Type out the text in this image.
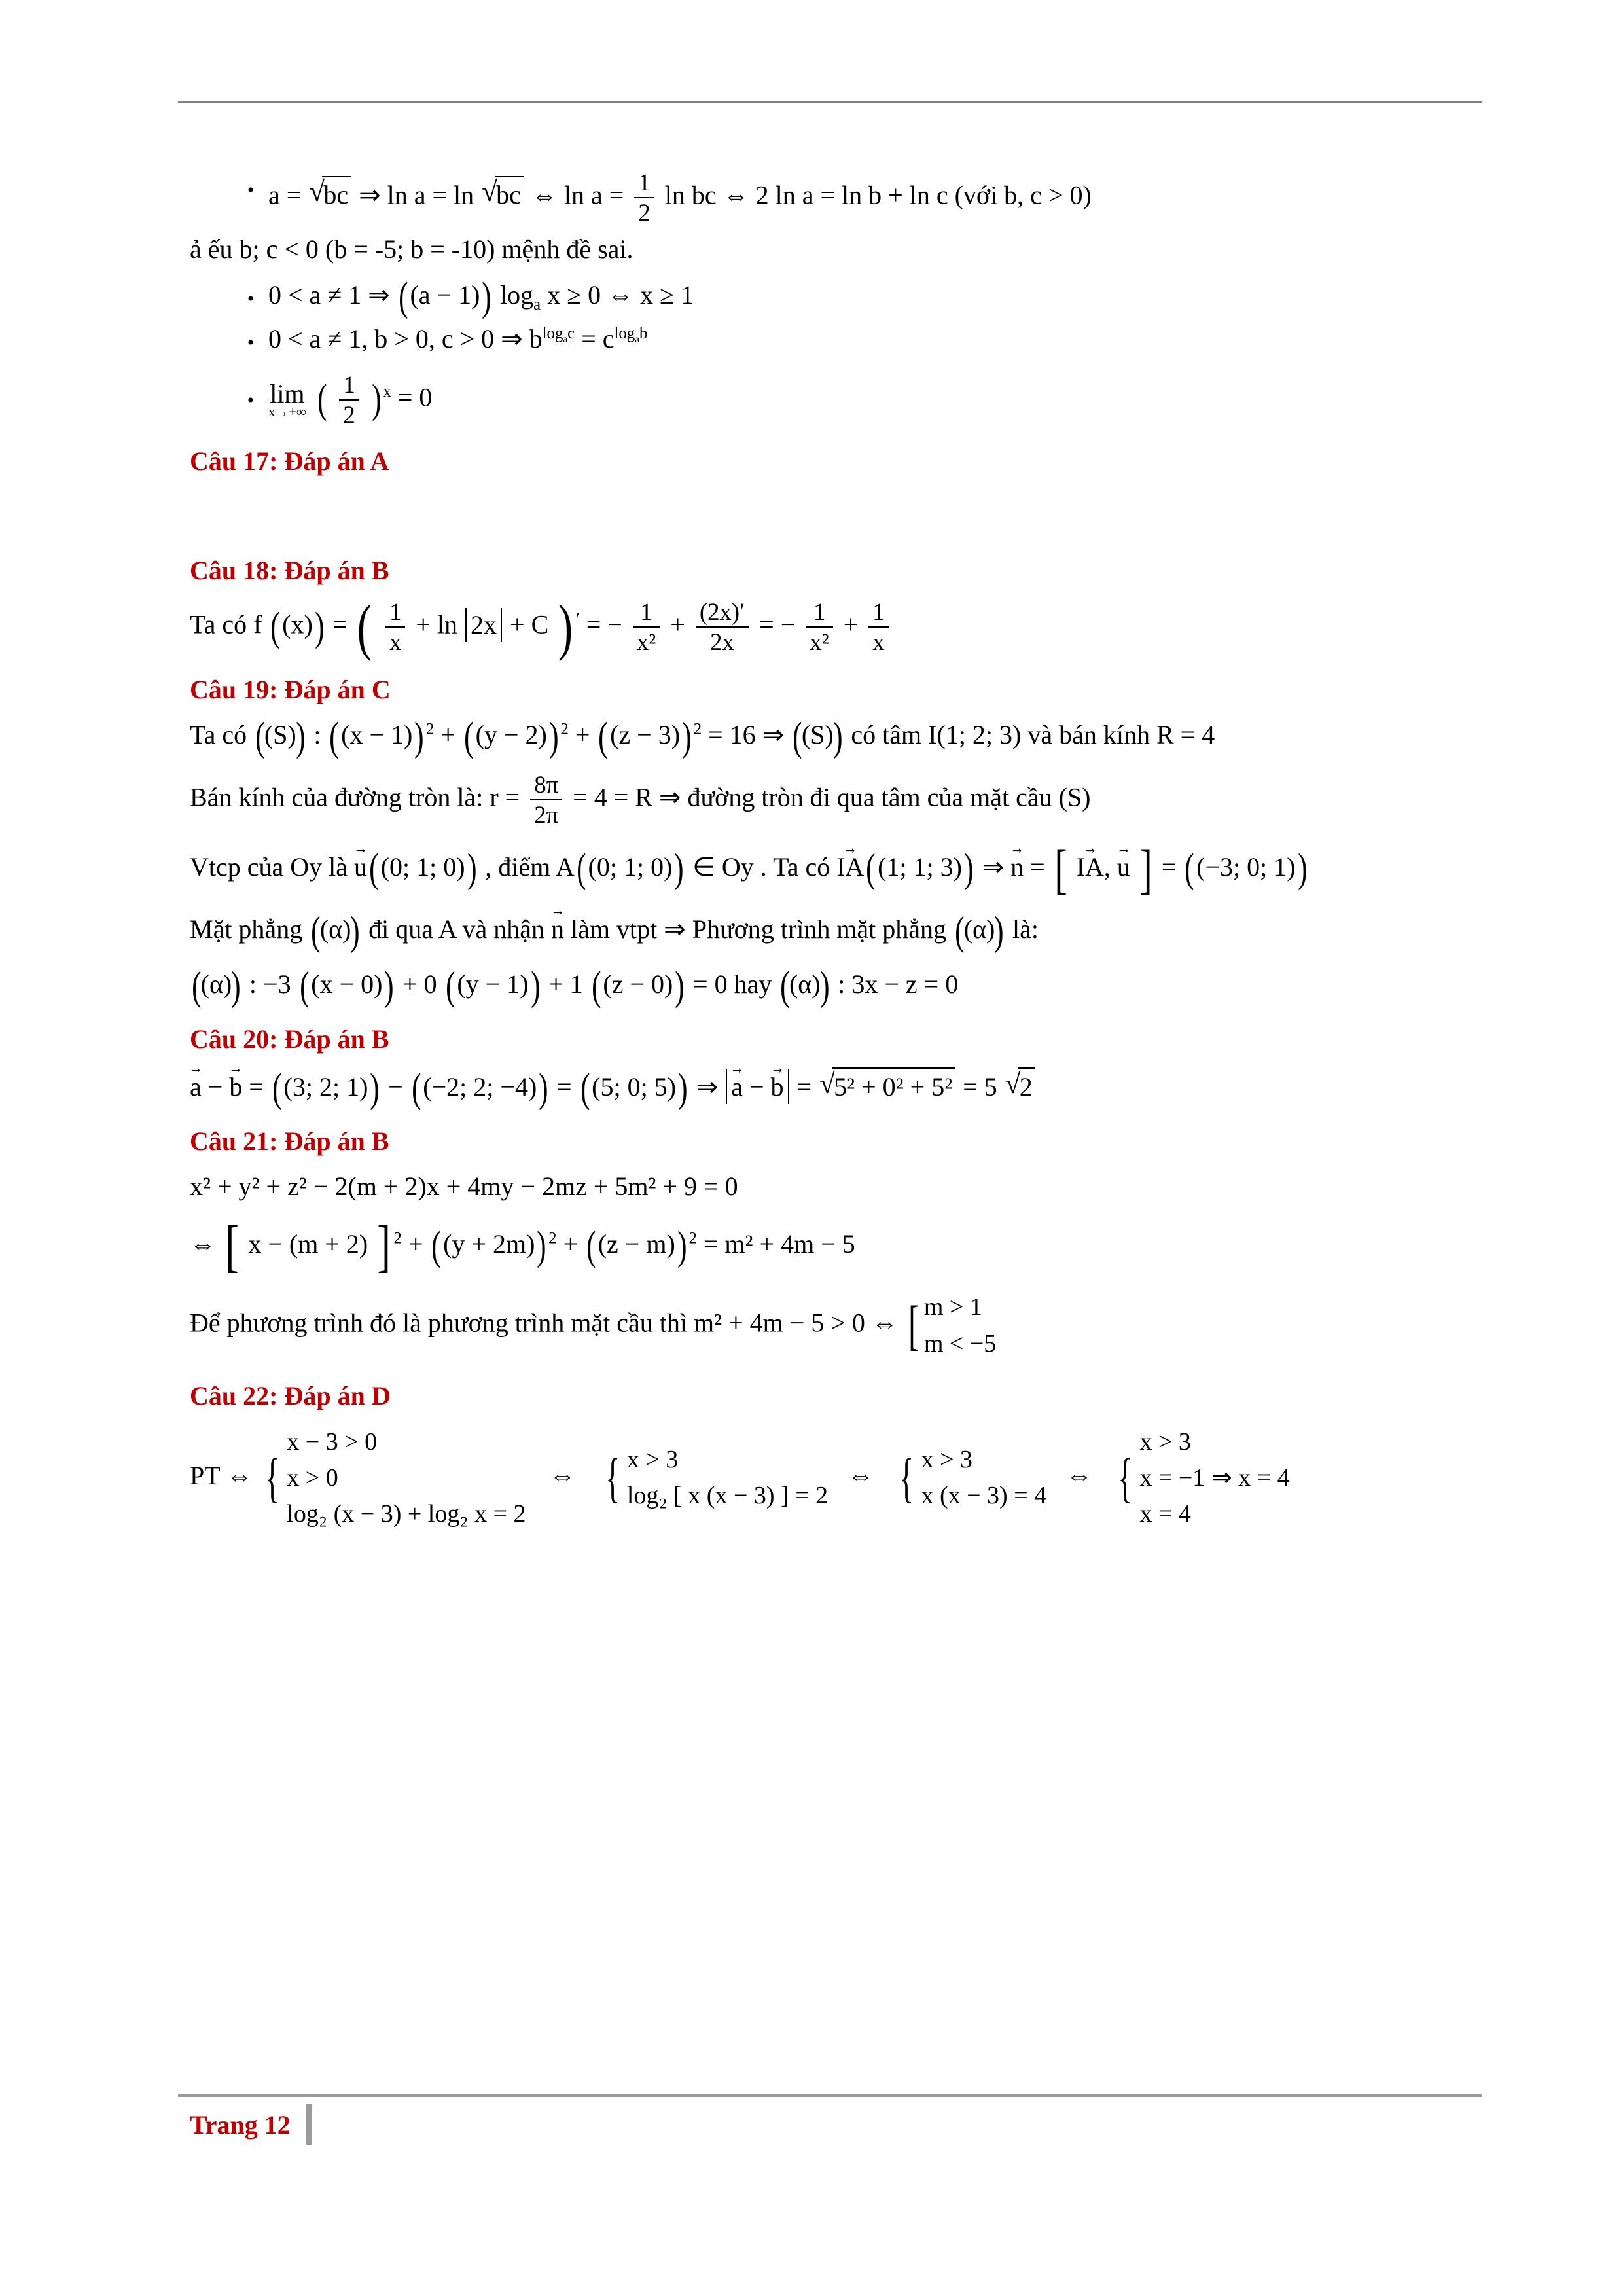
• a = √ bc ⇒ ln a = ln √ bc ⇔ $\ln a = \frac{1}{2}$ ln bc ⇔ 2 ln a = ln b + ln c (với b, c > 0)
ả ếu b; c < 0 (b = -5; b = -10) mệnh đề sai.
• 0 < a ≠ 1 ⇒ ((a − 1)) $\log_a x \ge 0$ ⇔ x ≥ 1
• 0 < a ≠ 1, b > 0, c > 0 ⇒ $b^{log_ac} = c^{log_ab}$
• lim
x→+∞ ( $\frac{1}{2}$ ) $^x$ = 0
Câu 17: Đáp án A
Câu 18: Đáp án B
Ta có f ((x)) = ( $\frac{1}{x} + \ln 2x + C$ ) ′ = − $\frac{1}{\text{x²}} + \frac{(2x)'}{2x}$ = − $\frac{1}{\text{x²}} + \frac{1}{x}$
Câu 19: Đáp án C
Ta có ((S)) : ((x − 1)) $^2$ + ((y − 2)) $^2$ + ((z − 3)) $^2$ = 16 ⇒ ((S)) có tâm I(1; 2; 3) và bán kính R = 4
Bán kính của đường tròn là: $r = \frac{8\pi}{2\pi} = 4 = R$ ⇒ đường tròn đi qua tâm của mặt cầu (S)
Vtcp của Oy là u →((0; 1; 0)) , điểm A((0; 1; 0)) ∈ Oy . Ta có IA →((1; 1; 3)) ⇒ n → = [ IA →, u → ] = ((−3; 0; 1))
Mặt phẳng ((α)) đi qua A và nhận n → làm vtpt ⇒ Phương trình mặt phẳng ((α)) là:
((α)) : −3 ((x − 0)) + 0 ((y − 1)) + 1 ((z − 0)) = 0 hay ((α)) : 3x − z = 0
Câu 20: Đáp án B
a → − b → = ((3; 2; 1)) − ((−2; 2; −4)) = ((5; 0; 5)) ⇒ a → − b → = √ 5² + 0² + 5² = 5 √ 2
Câu 21: Đáp án B
x² + y² + z² − 2(m + 2)x + 4my − 2mz + 5m² + 9 = 0
⇔ [ x − (m + 2) ] $^2$ + ((y + 2m)) $^2$ + ((z − m)) $^2$ = m² + 4m − 5
Để phương trình đó là phương trình mặt cầu thì m² + 4m − 5 > 0 ⇔ [ m > 1
m < −5
Câu 22: Đáp án D
PT ⇔ {
x − 3 > 0
x > 0
log₂ (x − 3) + log₂ x = 2
⇔ { x > 3
log₂ [ x (x − 3) ] = 2
⇔ { x > 3
x (x − 3) = 4
⇔ {
x > 3
x = −1 ⇒ x = 4
x = 4
Trang 12
